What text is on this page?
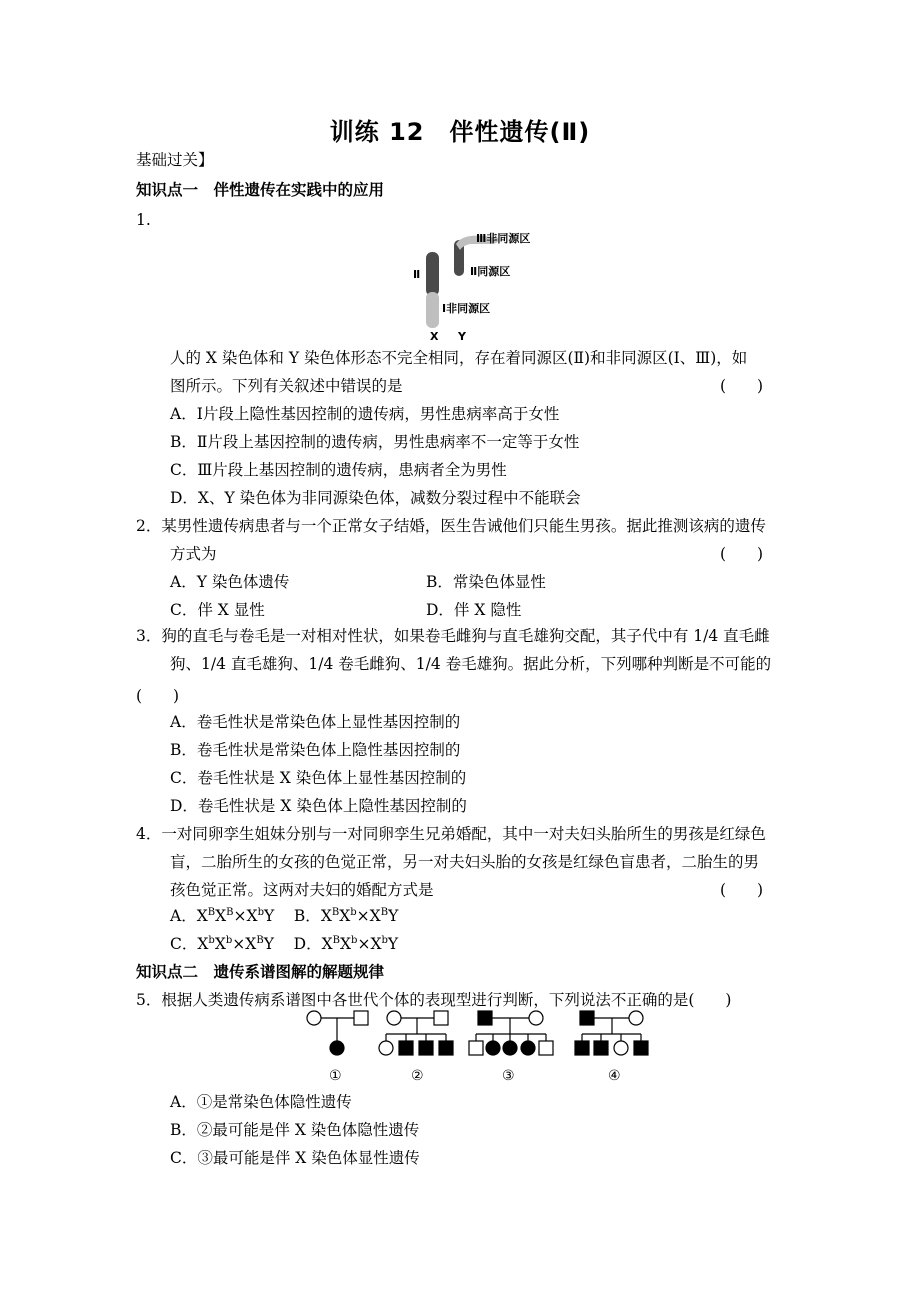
训练 12　伴性遗传(Ⅱ)
基础过关】
知识点一　伴性遗传在实践中的应用
1.
Ⅲ非同源区
Ⅱ同源区
Ⅰ非同源区
Ⅱ
X Y
人的 X 染色体和 Y 染色体形态不完全相同，存在着同源区(Ⅱ)和非同源区(Ⅰ、Ⅲ)，如
图所示。下列有关叙述中错误的是	(　　)
A．Ⅰ片段上隐性基因控制的遗传病，男性患病率高于女性
B．Ⅱ片段上基因控制的遗传病，男性患病率不一定等于女性
C．Ⅲ片段上基因控制的遗传病，患病者全为男性
D．X、Y 染色体为非同源染色体，减数分裂过程中不能联会
2．某男性遗传病患者与一个正常女子结婚，医生告诫他们只能生男孩。据此推测该病的遗传
方式为	(　　)
A．Y 染色体遗传	B．常染色体显性
C．伴 X 显性	D．伴 X 隐性
3．狗的直毛与卷毛是一对相对性状，如果卷毛雌狗与直毛雄狗交配，其子代中有 1/4 直毛雌
狗、1/4 直毛雄狗、1/4 卷毛雌狗、1/4 卷毛雄狗。据此分析，下列哪种判断是不可能的
(　　)
A．卷毛性状是常染色体上显性基因控制的
B．卷毛性状是常染色体上隐性基因控制的
C．卷毛性状是 X 染色体上显性基因控制的
D．卷毛性状是 X 染色体上隐性基因控制的
4．一对同卵孪生姐妹分别与一对同卵孪生兄弟婚配，其中一对夫妇头胎所生的男孩是红绿色
盲，二胎所生的女孩的色觉正常，另一对夫妇头胎的女孩是红绿色盲患者，二胎生的男
孩色觉正常。这两对夫妇的婚配方式是	(　　)
A．$X^BX^B\times X^bY$ B．$X^BX^b\times X^BY$
C．$X^bX^b\times X^BY$ D．$X^BX^b\times X^bY$
知识点二　遗传系谱图解的解题规律
5．根据人类遗传病系谱图中各世代个体的表现型进行判断，下列说法不正确的是(　　)
①	②	③	④
A．①是常染色体隐性遗传
B．②最可能是伴 X 染色体隐性遗传
C．③最可能是伴 X 染色体显性遗传
